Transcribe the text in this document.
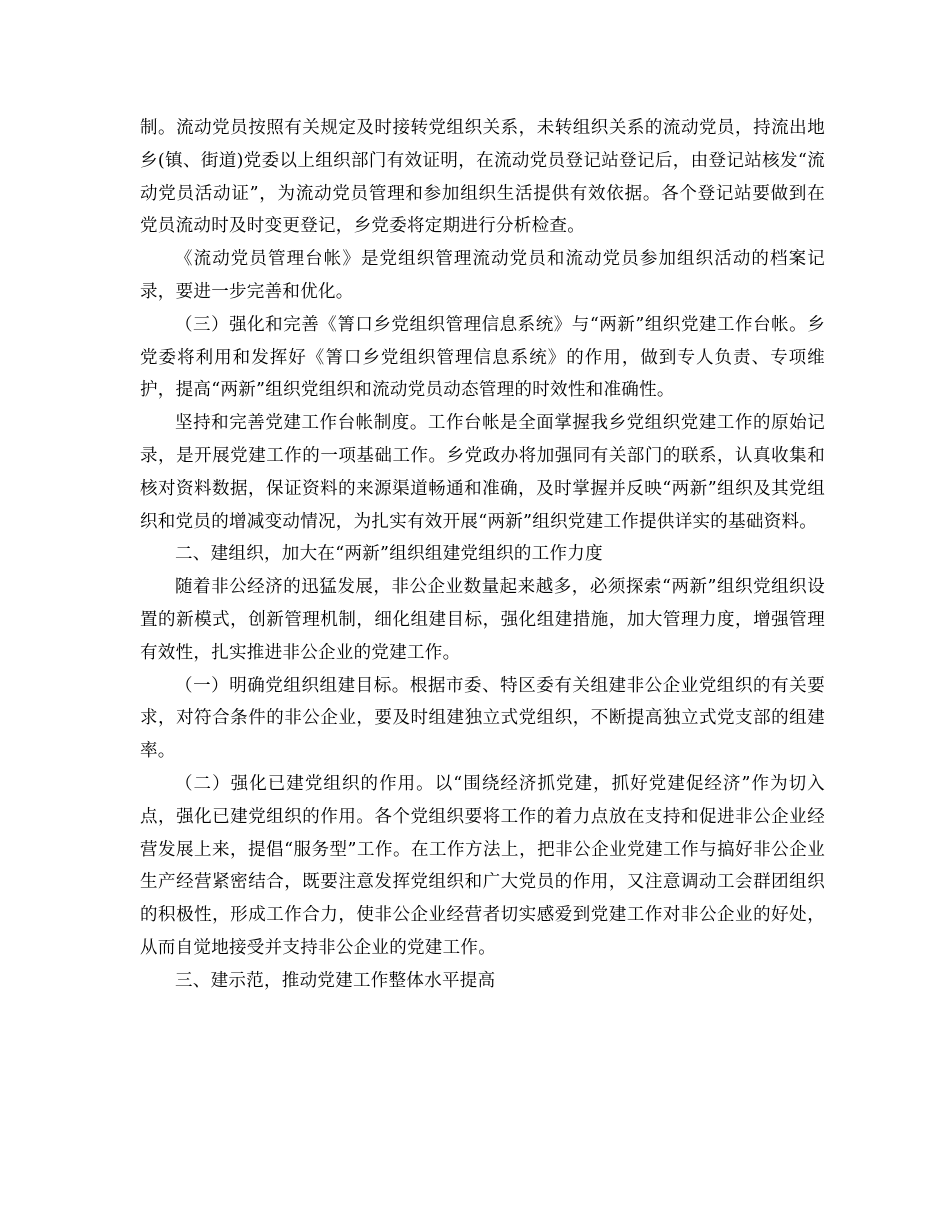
制。流动党员按照有关规定及时接转党组织关系，未转组织关系的流动党员，持流出地乡(镇、街道)党委以上组织部门有效证明，在流动党员登记站登记后，由登记站核发“流动党员活动证”，为流动党员管理和参加组织生活提供有效依据。各个登记站要做到在党员流动时及时变更登记，乡党委将定期进行分析检查。

《流动党员管理台帐》是党组织管理流动党员和流动党员参加组织活动的档案记录，要进一步完善和优化。

（三）强化和完善《箐口乡党组织管理信息系统》与“两新”组织党建工作台帐。乡党委将利用和发挥好《箐口乡党组织管理信息系统》的作用，做到专人负责、专项维护，提高“两新”组织党组织和流动党员动态管理的时效性和准确性。

坚持和完善党建工作台帐制度。工作台帐是全面掌握我乡党组织党建工作的原始记录，是开展党建工作的一项基础工作。乡党政办将加强同有关部门的联系，认真收集和核对资料数据，保证资料的来源渠道畅通和准确，及时掌握并反映“两新”组织及其党组织和党员的增减变动情况，为扎实有效开展“两新”组织党建工作提供详实的基础资料。

二、建组织，加大在“两新”组织组建党组织的工作力度

随着非公经济的迅猛发展，非公企业数量起来越多，必须探索“两新”组织党组织设置的新模式，创新管理机制，细化组建目标，强化组建措施，加大管理力度，增强管理有效性，扎实推进非公企业的党建工作。

（一）明确党组织组建目标。根据市委、特区委有关组建非公企业党组织的有关要求，对符合条件的非公企业，要及时组建独立式党组织，不断提高独立式党支部的组建率。

（二）强化已建党组织的作用。以“围绕经济抓党建，抓好党建促经济”作为切入点，强化已建党组织的作用。各个党组织要将工作的着力点放在支持和促进非公企业经营发展上来，提倡“服务型”工作。在工作方法上，把非公企业党建工作与搞好非公企业生产经营紧密结合，既要注意发挥党组织和广大党员的作用，又注意调动工会群团组织的积极性，形成工作合力，使非公企业经营者切实感爱到党建工作对非公企业的好处，从而自觉地接受并支持非公企业的党建工作。

三、建示范，推动党建工作整体水平提高
